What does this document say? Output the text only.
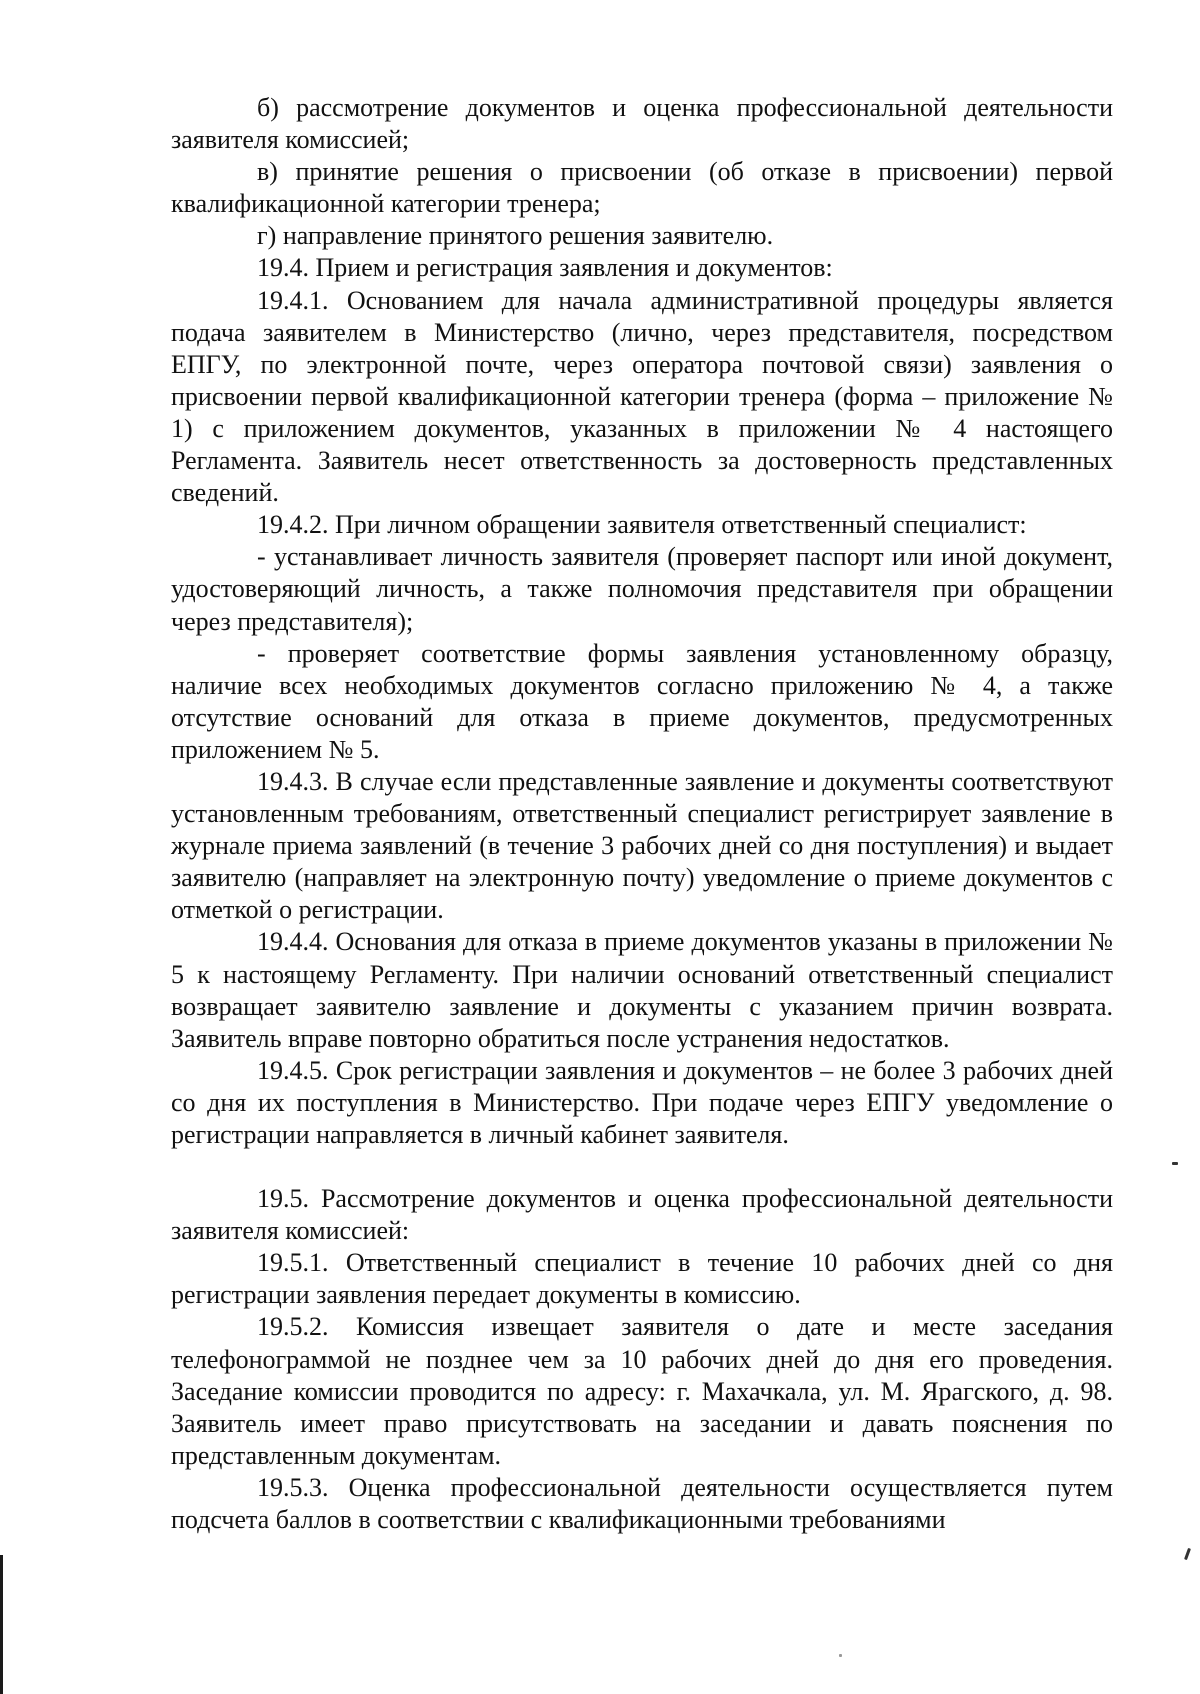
б) рассмотрение документов и оценка профессиональной деятельности заявителя комиссией;

в) принятие решения о присвоении (об отказе в присвоении) первой квалификационной категории тренера;

г) направление принятого решения заявителю.

19.4. Прием и регистрация заявления и документов:

19.4.1. Основанием для начала административной процедуры является подача заявителем в Министерство (лично, через представителя, посредством ЕПГУ, по электронной почте, через оператора почтовой связи) заявления о присвоении первой квалификационной категории тренера (форма – приложение № 1) с приложением документов, указанных в приложении № 4 настоящего Регламента. Заявитель несет ответственность за достоверность представленных сведений.

19.4.2. При личном обращении заявителя ответственный специалист:

- устанавливает личность заявителя (проверяет паспорт или иной документ, удостоверяющий личность, а также полномочия представителя при обращении через представителя);

- проверяет соответствие формы заявления установленному образцу, наличие всех необходимых документов согласно приложению № 4, а также отсутствие оснований для отказа в приеме документов, предусмотренных приложением № 5.

19.4.3. В случае если представленные заявление и документы соответствуют установленным требованиям, ответственный специалист регистрирует заявление в журнале приема заявлений (в течение 3 рабочих дней со дня поступления) и выдает заявителю (направляет на электронную почту) уведомление о приеме документов с отметкой о регистрации.

19.4.4. Основания для отказа в приеме документов указаны в приложении № 5 к настоящему Регламенту. При наличии оснований ответственный специалист возвращает заявителю заявление и документы с указанием причин возврата. Заявитель вправе повторно обратиться после устранения недостатков.

19.4.5. Срок регистрации заявления и документов – не более 3 рабочих дней со дня их поступления в Министерство. При подаче через ЕПГУ уведомление о регистрации направляется в личный кабинет заявителя.

19.5. Рассмотрение документов и оценка профессиональной деятельности заявителя комиссией:

19.5.1. Ответственный специалист в течение 10 рабочих дней со дня регистрации заявления передает документы в комиссию.

19.5.2. Комиссия извещает заявителя о дате и месте заседания телефонограммой не позднее чем за 10 рабочих дней до дня его проведения. Заседание комиссии проводится по адресу: г. Махачкала, ул. М. Ярагского, д. 98. Заявитель имеет право присутствовать на заседании и давать пояснения по представленным документам.

19.5.3. Оценка профессиональной деятельности осуществляется путем подсчета баллов в соответствии с квалификационными требованиями
